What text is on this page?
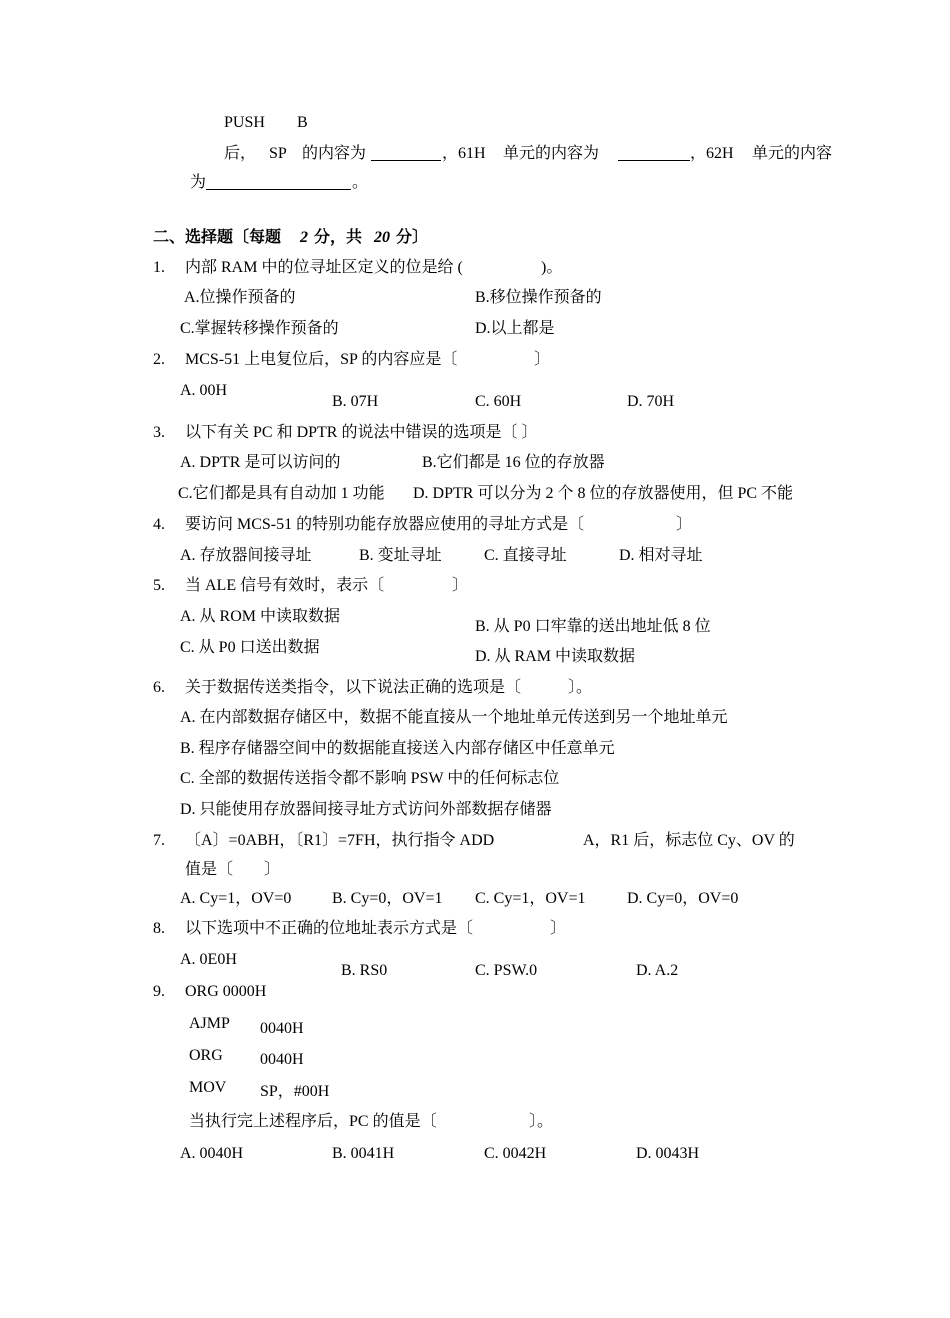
PUSH B
后， SP 的内容为	，61H 单元的内容为	，62H 单元的内容
为	。
二、选择题〔每题 2 分，共 20 分〕
1. 内部 RAM 中的位寻址区定义的位是给 (	)。
A.位操作预备的	B.移位操作预备的
C.掌握转移操作预备的	D.以上都是
2. MCS-51 上电复位后，SP 的内容应是〔	〕
A. 00H
B. 07H	C. 60H	D. 70H
3. 以下有关 PC 和 DPTR 的说法中错误的选项是〔 〕
A. DPTR 是可以访问的	B.它们都是 16 位的存放器
C.它们都是具有自动加 1 功能 D. DPTR 可以分为 2 个 8 位的存放器使用，但 PC 不能
4. 要访问 MCS-51 的特别功能存放器应使用的寻址方式是〔	〕
A. 存放器间接寻址	B. 变址寻址	C. 直接寻址	D. 相对寻址
5. 当 ALE 信号有效时，表示〔	〕
A. 从 ROM 中读取数据
B. 从 P0 口牢靠的送出地址低 8 位
C. 从 P0 口送出数据
D. 从 RAM 中读取数据
6. 关于数据传送类指令，以下说法正确的选项是〔	〕。
A. 在内部数据存储区中，数据不能直接从一个地址单元传送到另一个地址单元
B. 程序存储器空间中的数据能直接送入内部存储区中任意单元
C. 全部的数据传送指令都不影响 PSW 中的任何标志位
D. 只能使用存放器间接寻址方式访问外部数据存储器
7. 〔A〕=0ABH，〔R1〕=7FH，执行指令 ADD	A，R1 后，标志位 Cy、OV 的
值是〔 〕
A. Cy=1，OV=0	B. Cy=0，OV=1 C. Cy=1，OV=1	D. Cy=0，OV=0
8. 以下选项中不正确的位地址表示方式是〔	〕
A. 0E0H
B. RS0	C. PSW.0	D. A.2
9. ORG 0000H
AJMP 0040H
ORG 0040H
MOV SP，#00H
当执行完上述程序后，PC 的值是〔	〕。
A. 0040H	B. 0041H	C. 0042H	D. 0043H
